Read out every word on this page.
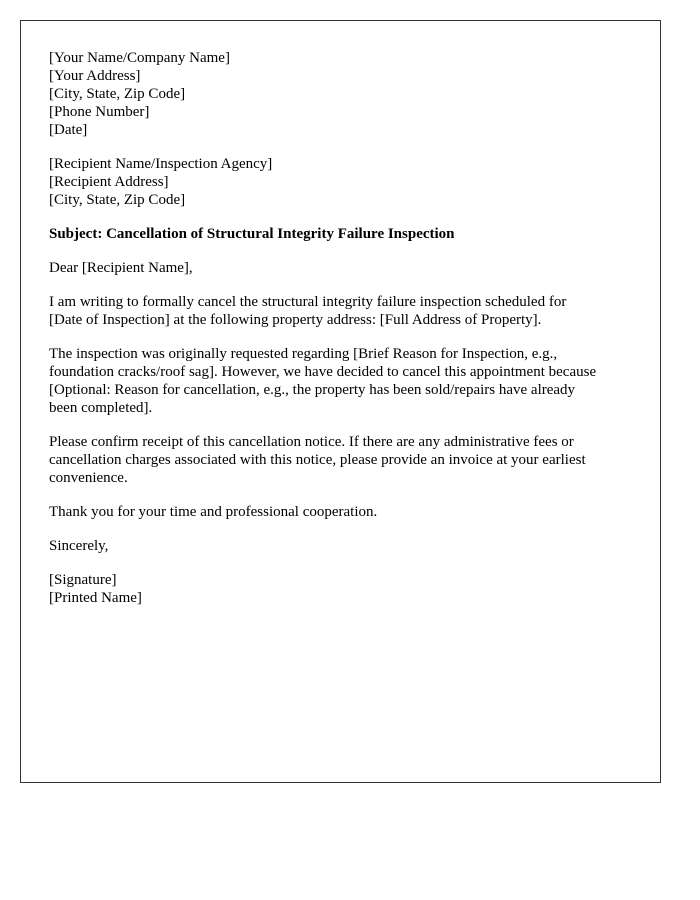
[Your Name/Company Name]
[Your Address]
[City, State, Zip Code]
[Phone Number]
[Date]
[Recipient Name/Inspection Agency]
[Recipient Address]
[City, State, Zip Code]
Subject: Cancellation of Structural Integrity Failure Inspection
Dear [Recipient Name],
I am writing to formally cancel the structural integrity failure inspection scheduled for
[Date of Inspection] at the following property address: [Full Address of Property].
The inspection was originally requested regarding [Brief Reason for Inspection, e.g.,
foundation cracks/roof sag]. However, we have decided to cancel this appointment because
[Optional: Reason for cancellation, e.g., the property has been sold/repairs have already
been completed].
Please confirm receipt of this cancellation notice. If there are any administrative fees or
cancellation charges associated with this notice, please provide an invoice at your earliest
convenience.
Thank you for your time and professional cooperation.
Sincerely,
[Signature]
[Printed Name]
